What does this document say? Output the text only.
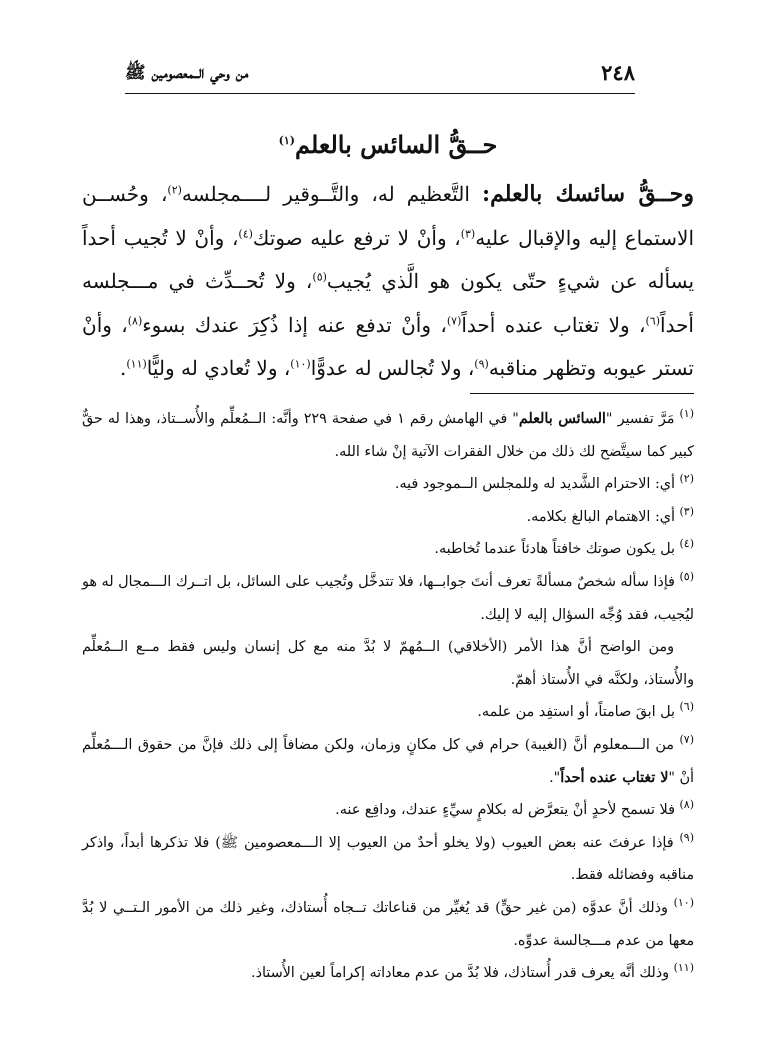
٢٤٨
من وحي الــمعصومين ﷺ
حــقُّ السائس بالعلم$^{(١)}$

وحــقُّ سائسك بالعلم: التَّعظيم له، والتَّــوقير لــــمجلسه$^{(٢)}$، وحُســن الاستماع إليه والإقبال عليه$^{(٣)}$، وأنْ لا ترفع عليه صوتك$^{(٤)}$، وأنْ لا تُجيب أحداً يسأله عن شيءٍ حتّى يكون هو الَّذي يُجيب$^{(٥)}$، ولا تُحــدِّث في مـــجلسه أحداً$^{(٦)}$، ولا تغتاب عنده أحداً$^{(٧)}$، وأنْ تدفع عنه إذا ذُكِرَ عندك بسوء$^{(٨)}$، وأنْ تستر عيوبه وتظهر مناقبه$^{(٩)}$، ولا تُجالس له عدوًّا$^{(١٠)}$، ولا تُعادي له وليًّا$^{(١١)}$.

$^{(١)}$ مَرَّ تفسير "السائس بالعلم" في الهامش رقم ١ في صفحة ٢٢٩ وأنَّه: الــمُعلِّم والأُســتاذ، وهذا له حقٌّ كبير كما سيتَّضح لك ذلك من خلال الفقرات الآتية إنْ شاء الله.

$^{(٢)}$ أي: الاحترام الشَّديد له وللمجلس الــموجود فيه.

$^{(٣)}$ أي: الاهتمام البالغ بكلامه.

$^{(٤)}$ بل يكون صوتك خافتاً هادئاً عندما تُخاطبه.

$^{(٥)}$ فإذا سأله شخصٌ مسألةً تعرف أنتَ جوابــها، فلا تتدخَّل وتُجيب على السائل، بل اتــرك الـــمجال له هو ليُجيب، فقد وُجِّه السؤال إليه لا إليك.

ومن الواضح أنَّ هذا الأمر (الأخلاقي) الــمُهمّ لا بُدَّ منه مع كل إنسان وليس فقط مــع الــمُعلِّم والأُستاذ، ولكنَّه في الأُستاذ أهمّ.

$^{(٦)}$ بل ابقَ صامتاً، أو استفِد من علمه.

$^{(٧)}$ من الـــمعلوم أنَّ (الغيبة) حرام في كل مكانٍ وزمان، ولكن مضافاً إلى ذلك فإنَّ من حقوق الـــمُعلِّم أنْ "لا تغتاب عنده أحداً".

$^{(٨)}$ فلا تسمح لأحدٍ أنْ يتعرَّض له بكلامٍ سيِّءٍ عندك، ودافِع عنه.

$^{(٩)}$ فإذا عرفتَ عنه بعض العيوب (ولا يخلو أحدٌ من العيوب إلا الـــمعصومين ﷺ) فلا تذكرها أبداً، واذكر مناقبه وفضائله فقط.

$^{(١٠)}$ وذلك أنَّ عدوَّه (من غير حقٍّ) قد يُغيِّر من قناعاتك تــجاه أُستاذك، وغير ذلك من الأمور الـتــي لا بُدَّ معها من عدم مـــجالسة عدوِّه.

$^{(١١)}$ وذلك أنَّه يعرف قدر أُستاذك، فلا بُدَّ من عدم معاداته إكراماً لعين الأُستاذ.
